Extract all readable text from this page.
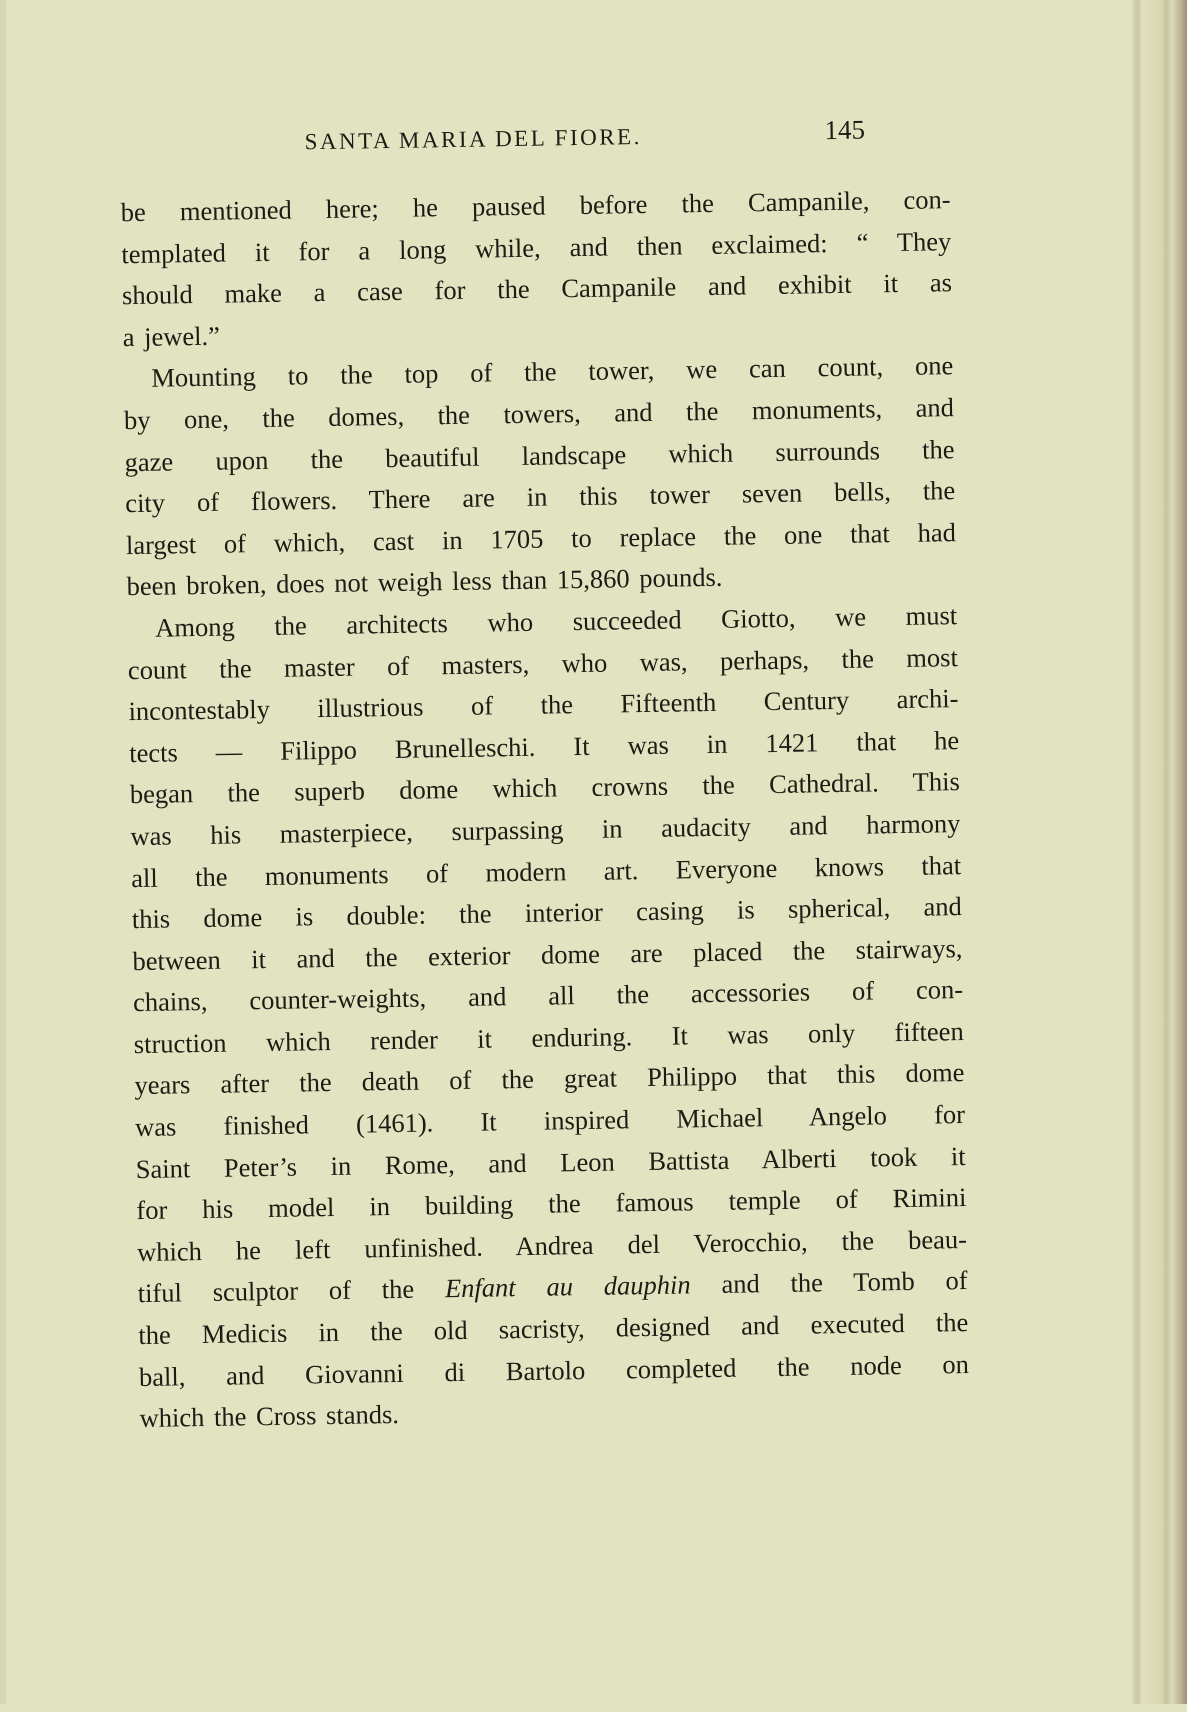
SANTA MARIA DEL FIORE.	145
be mentioned here; he paused before the Campanile, con-
templated it for a long while, and then exclaimed: “ They
should make a case for the Campanile and exhibit it as
a jewel.”
Mounting to the top of the tower, we can count, one
by one, the domes, the towers, and the monuments, and
gaze upon the beautiful landscape which surrounds the
city of flowers. There are in this tower seven bells, the
largest of which, cast in 1705 to replace the one that had
been broken, does not weigh less than 15,860 pounds.
Among the architects who succeeded Giotto, we must
count the master of masters, who was, perhaps, the most
incontestably illustrious of the Fifteenth Century archi-
tects — Filippo Brunelleschi. It was in 1421 that he
began the superb dome which crowns the Cathedral. This
was his masterpiece, surpassing in audacity and harmony
all the monuments of modern art. Everyone knows that
this dome is double: the interior casing is spherical, and
between it and the exterior dome are placed the stairways,
chains, counter-weights, and all the accessories of con-
struction which render it enduring. It was only fifteen
years after the death of the great Philippo that this dome
was finished (1461). It inspired Michael Angelo for
Saint Peter’s in Rome, and Leon Battista Alberti took it
for his model in building the famous temple of Rimini
which he left unfinished. Andrea del Verocchio, the beau-
tiful sculptor of the Enfant au dauphin and the Tomb of
the Medicis in the old sacristy, designed and executed the
ball, and Giovanni di Bartolo completed the node on
which the Cross stands.
